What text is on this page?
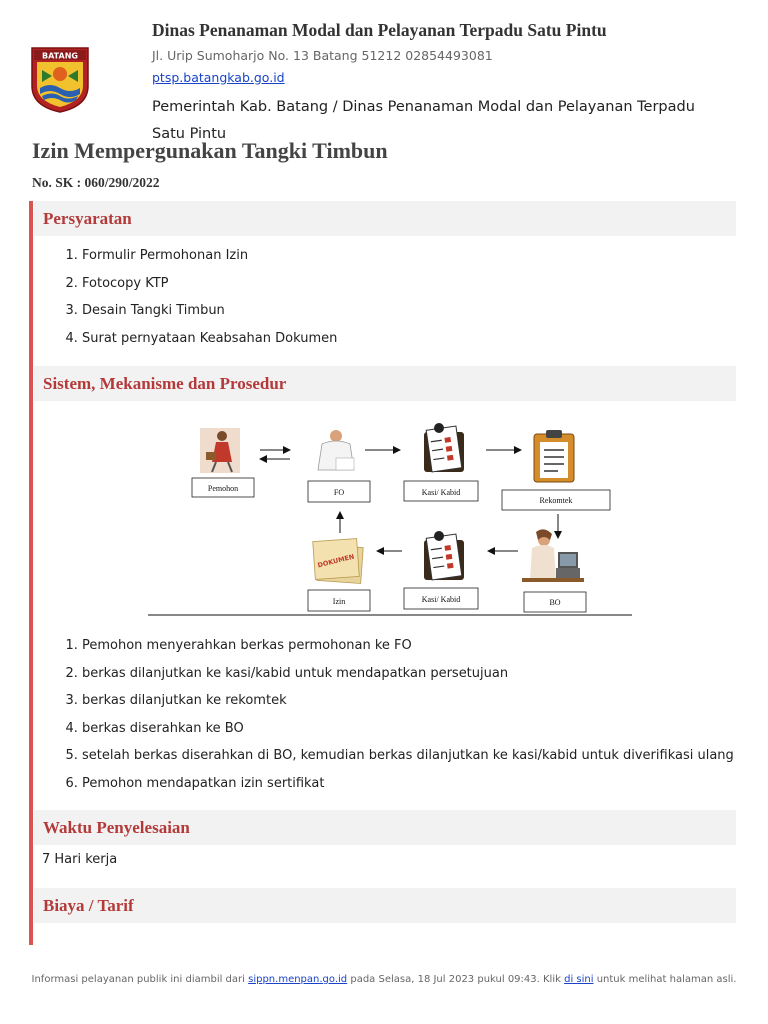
BATANG
Dinas Penanaman Modal dan Pelayanan Terpadu Satu Pintu
Jl. Urip Sumoharjo No. 13 Batang 51212 02854493081
ptsp.batangkab.go.id
Pemerintah Kab. Batang / Dinas Penanaman Modal dan Pelayanan Terpadu Satu Pintu
Izin Mempergunakan Tangki Timbun
No. SK : 060/290/2022
Persyaratan
1. Formulir Permohonan Izin
2. Fotocopy KTP
3. Desain Tangki Timbun
4. Surat pernyataan Keabsahan Dokumen
Sistem, Mekanisme dan Prosedur
Pemohon	FO	Kasi/ Kabid
Rekomtek
BO
Kasi/ Kabid
DOKUMEN
Izin
1. Pemohon menyerahkan berkas permohonan ke FO
2. berkas dilanjutkan ke kasi/kabid untuk mendapatkan persetujuan
3. berkas dilanjutkan ke rekomtek
4. berkas diserahkan ke BO
5. setelah berkas diserahkan di BO, kemudian berkas dilanjutkan ke kasi/kabid untuk diverifikasi ulang
6. Pemohon mendapatkan izin sertifikat
Waktu Penyelesaian
7 Hari kerja
Biaya / Tarif
Informasi pelayanan publik ini diambil dari sippn.menpan.go.id pada Selasa, 18 Jul 2023 pukul 09:43. Klik di sini untuk melihat halaman asli.
